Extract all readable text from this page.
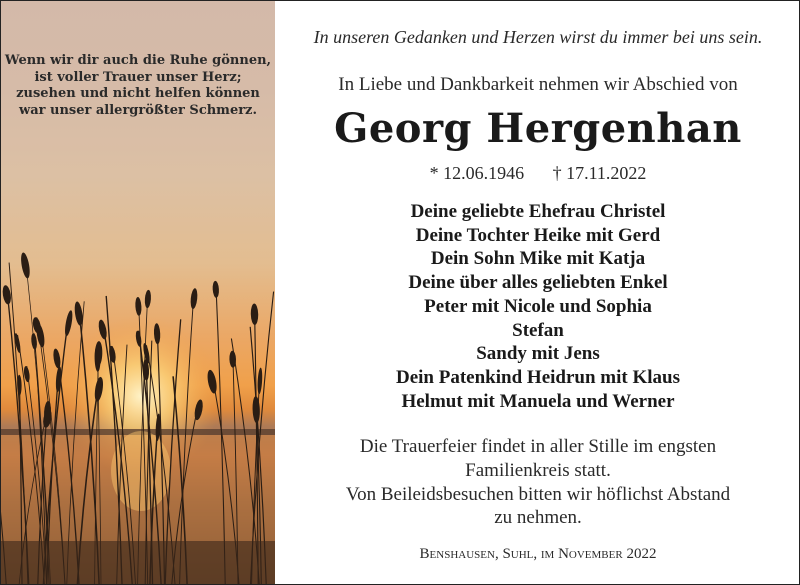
Wenn wir dir auch die Ruhe gönnen,
ist voller Trauer unser Herz;
zusehen und nicht helfen können
war unser allergrößter Schmerz.
In unseren Gedanken und Herzen wirst du immer bei uns sein.
In Liebe und Dankbarkeit nehmen wir Abschied von
Georg Hergenhan
* 12.06.1946 † 17.11.2022
Deine geliebte Ehefrau Christel
Deine Tochter Heike mit Gerd
Dein Sohn Mike mit Katja
Deine über alles geliebten Enkel
Peter mit Nicole und Sophia
Stefan
Sandy mit Jens
Dein Patenkind Heidrun mit Klaus
Helmut mit Manuela und Werner
Die Trauerfeier findet in aller Stille im engsten
Familienkreis statt.
Von Beileidsbesuchen bitten wir höflichst Abstand
zu nehmen.
Benshausen, Suhl, im November 2022
